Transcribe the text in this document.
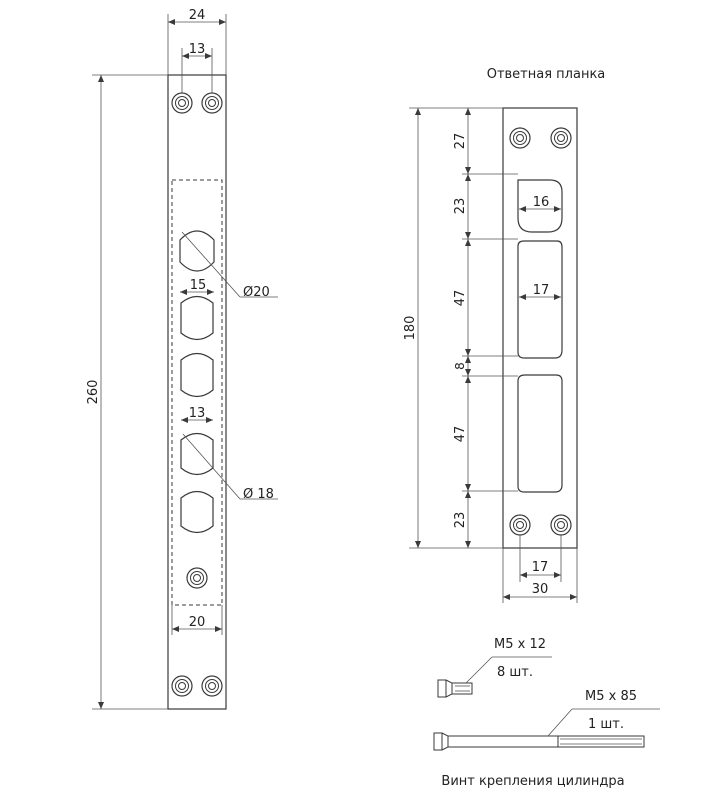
24
13
260
15	Ø20
13
Ø 18
20
Ответная планка
180
27
23
47
8
47
23
16
17
17
30
M5 x 12
8 шт.
M5 x 85
1 шт.
Винт крепления цилиндра
